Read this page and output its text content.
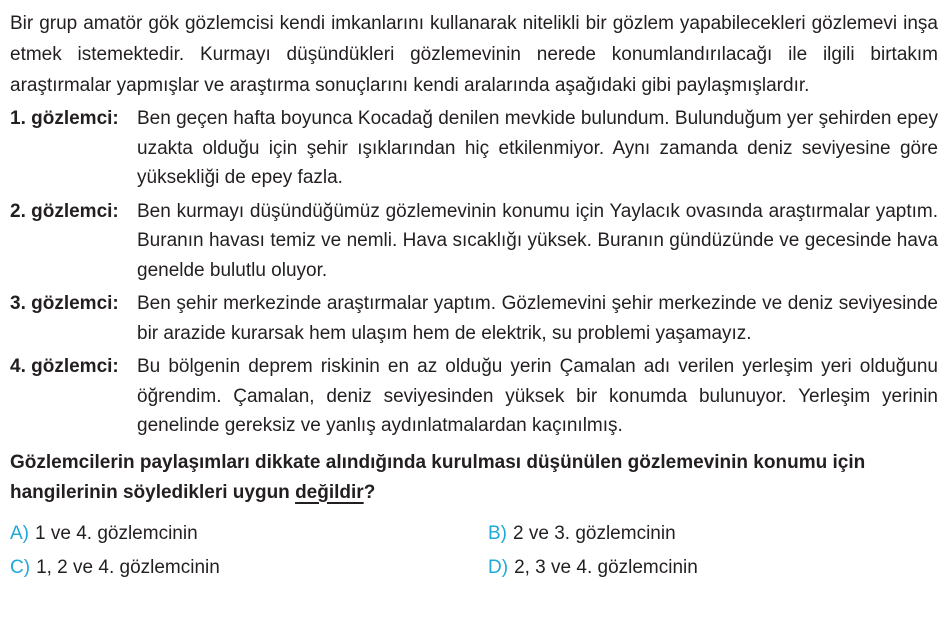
Bir grup amatör gök gözlemcisi kendi imkanlarını kullanarak nitelikli bir gözlem yapabilecekleri gözlemevi inşa etmek istemektedir. Kurmayı düşündükleri gözlemevinin nerede konumlandırılacağı ile ilgili birtakım araştırmalar yapmışlar ve araştırma sonuçlarını kendi aralarında aşağıdaki gibi paylaşmışlardır.

1. gözlemci: Ben geçen hafta boyunca Kocadağ denilen mevkide bulundum. Bulunduğum yer şehirden epey uzakta olduğu için şehir ışıklarından hiç etkilenmiyor. Aynı zamanda deniz seviyesine göre yüksekliği de epey fazla.
2. gözlemci: Ben kurmayı düşündüğümüz gözlemevinin konumu için Yaylacık ovasında araştırmalar yaptım. Buranın havası temiz ve nemli. Hava sıcaklığı yüksek. Buranın gündüzünde ve gecesinde hava genelde bulutlu oluyor.
3. gözlemci: Ben şehir merkezinde araştırmalar yaptım. Gözlemevini şehir merkezinde ve deniz seviyesinde bir arazide kurarsak hem ulaşım hem de elektrik, su problemi yaşamayız.
4. gözlemci: Bu bölgenin deprem riskinin en az olduğu yerin Çamalan adı verilen yerleşim yeri olduğunu öğrendim. Çamalan, deniz seviyesinden yüksek bir konumda bulunuyor. Yerleşim yerinin genelinde gereksiz ve yanlış aydınlatmalardan kaçınılmış.
Gözlemcilerin paylaşımları dikkate alındığında kurulması düşünülen gözlemevinin konumu için hangilerinin söyledikleri uygun değildir?
A) 1 ve 4. gözlemcinin	B) 2 ve 3. gözlemcinin
C) 1, 2 ve 4. gözlemcinin	D) 2, 3 ve 4. gözlemcinin
